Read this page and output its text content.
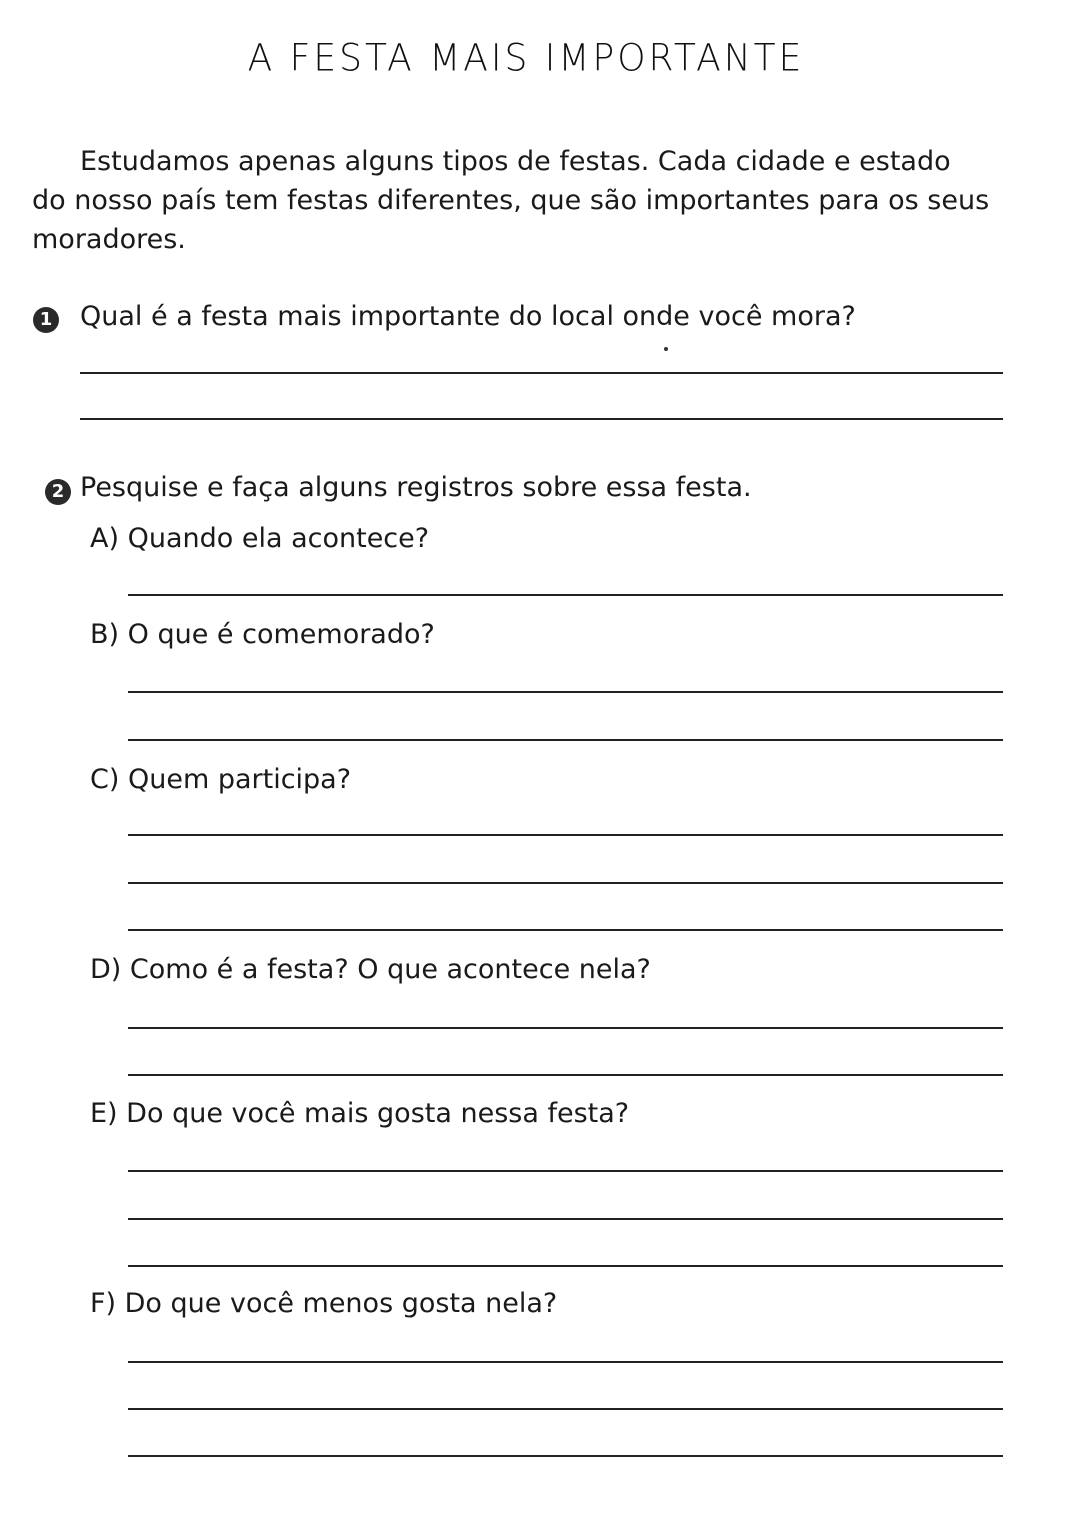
A FESTA MAIS IMPORTANTE
Estudamos apenas alguns tipos de festas. Cada cidade e estado
do nosso país tem festas diferentes, que são importantes para os seus
moradores.
1 Qual é a festa mais importante do local onde você mora?
2 Pesquise e faça alguns registros sobre essa festa.
A) Quando ela acontece?
B) O que é comemorado?
C) Quem participa?
D) Como é a festa? O que acontece nela?
E) Do que você mais gosta nessa festa?
F) Do que você menos gosta nela?
